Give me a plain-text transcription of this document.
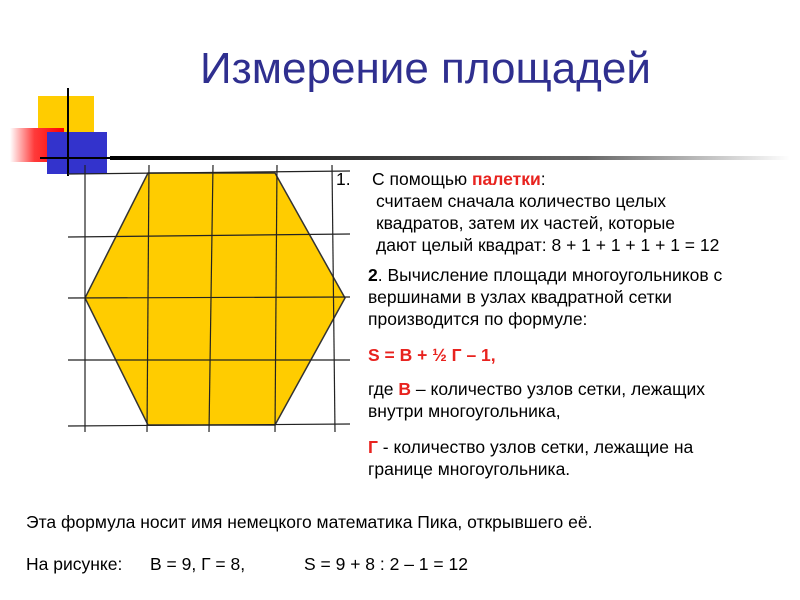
Измерение площадей
1. С помощью палетки:
считаем сначала количество целых
квадратов, затем их частей, которые
дают целый квадрат: 8 + 1 + 1 + 1 + 1 = 12
2. Вычисление площади многоугольников с
вершинами в узлах квадратной сетки
производится по формуле:
S = В + ½ Г – 1,
где В – количество узлов сетки, лежащих
внутри многоугольника,
Г - количество узлов сетки, лежащие на
границе многоугольника.
Эта формула носит имя немецкого математика Пика, открывшего её.
На рисунке: В = 9, Г = 8,	S = 9 + 8 : 2 – 1 = 12
